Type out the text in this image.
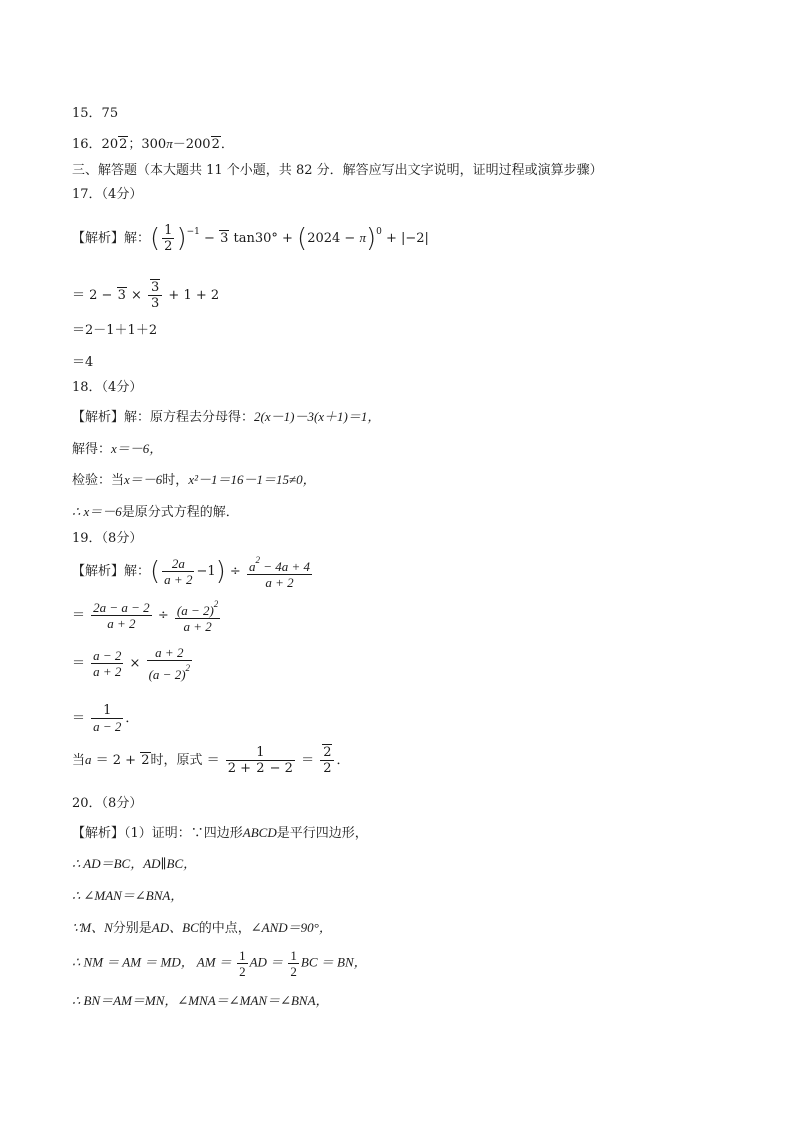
15．75
16．202；300π－2002．
三、解答题（本大题共 11 个小题，共 82 分．解答应写出文字说明，证明过程或演算步骤）
17．（4分）
【解析】解：( $\frac{1}{2} )^{-1} - 3$ $\tan 30^\circ + (2024 - \pi)^0 + |-2|$
＝ $2 - 3 \times \frac{3}{3} + 1 + 2$
＝2－1＋1＋2
＝4
18．（4分）
【解析】解：原方程去分母得：2(x－1)－3(x＋1)＝1，
解得：x＝－6，
检验：当x＝－6时，x²－1＝16－1＝15≠0，
∴ x＝－6是原分式方程的解．
19．（8分）
【解析】解：( $\frac{2a}{a + 2} -1) \div \frac{a^2 - 4a + 4}{a + 2}$
＝ $\frac{2a - a - 2}{a + 2} \div \frac{(a - 2)^2}{a + 2}$
＝ $\frac{a - 2}{a + 2} \times \frac{a + 2}{(a - 2)^2}$
＝ $\frac{1}{a - 2}$ ．
当a ＝ 2 + 2时，原式 ＝ $\frac{1}{2 + 2 - 2} = \frac{2}{2}$ ．
20．（8分）
【解析】（1）证明：∵四边形ABCD是平行四边形，
∴ AD＝BC，AD∥BC，
∴ ∠MAN＝∠BNA，
∵M、N分别是AD、BC的中点，∠AND＝90°，
∴ NM ＝ AM ＝ MD， AM ＝ $\frac{1}{2}$ AD ＝ $\frac{1}{2}$ BC ＝ BN，
∴ BN＝AM＝MN，∠MNA＝∠MAN＝∠BNA，
